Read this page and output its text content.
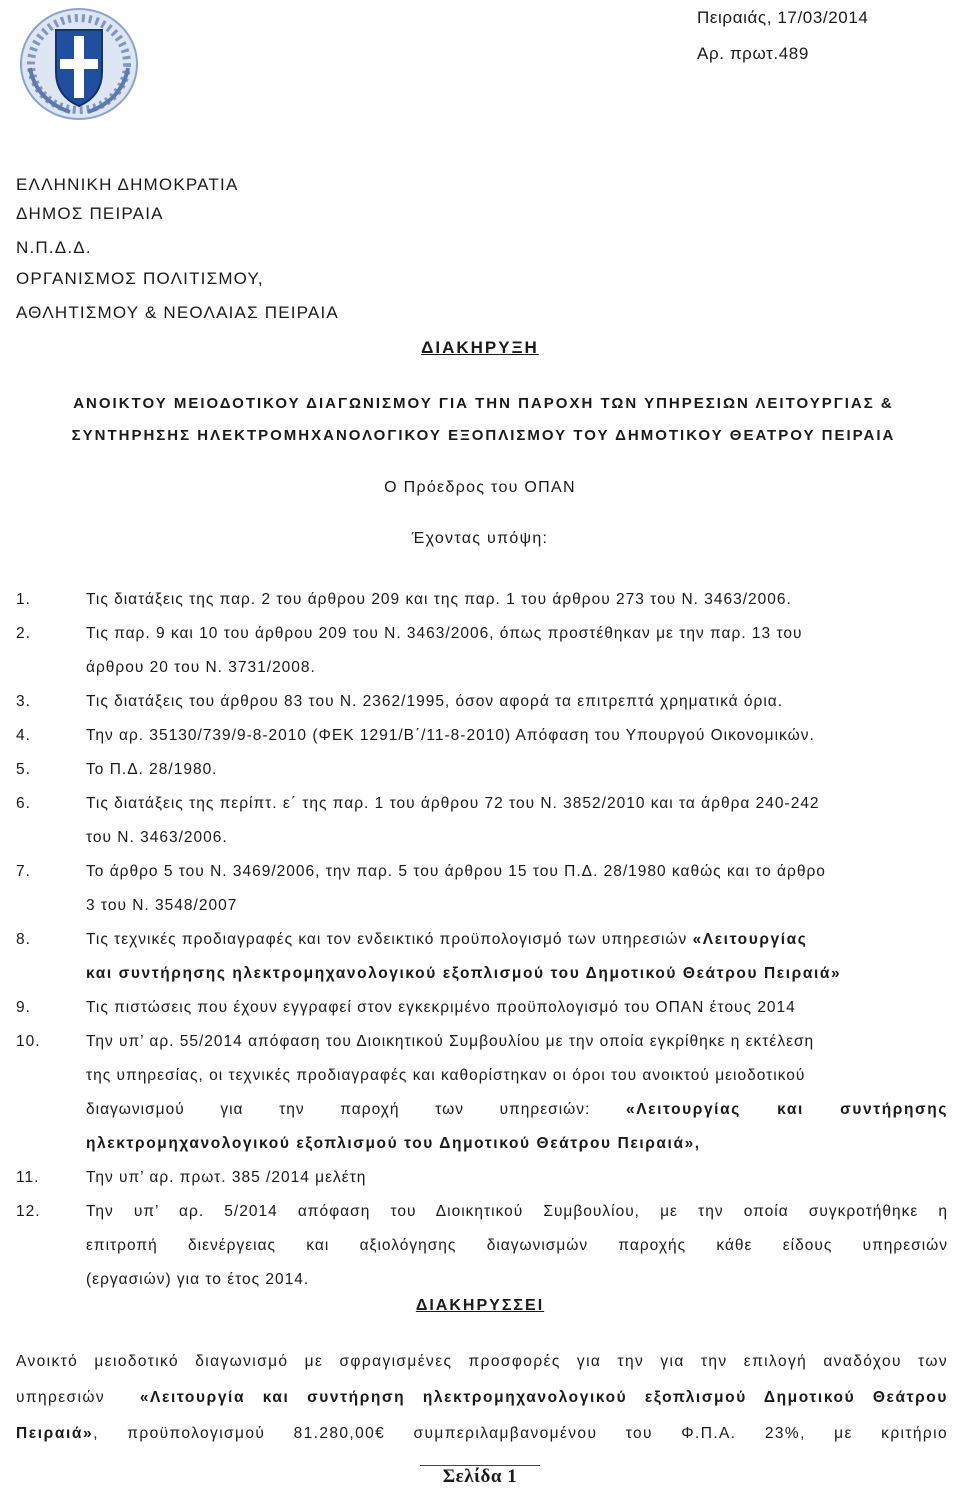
Πειραιάς, 17/03/2014
Αρ. πρωτ.489
ΕΛΛΗΝΙΚΗ ΔΗΜΟΚΡΑΤΙΑ
ΔΗΜΟΣ ΠΕΙΡΑΙΑ
Ν.Π.Δ.Δ.
ΟΡΓΑΝΙΣΜΟΣ ΠΟΛΙΤΙΣΜΟΥ,
ΑΘΛΗΤΙΣΜΟΥ & ΝΕΟΛΑΙΑΣ ΠΕΙΡΑΙΑ
ΔΙΑΚΗΡΥΞΗ
ΑΝΟΙΚΤΟΥ ΜΕΙΟΔΟΤΙΚΟΥ ΔΙΑΓΩΝΙΣΜΟΥ ΓΙΑ ΤΗΝ ΠΑΡΟΧΗ ΤΩΝ ΥΠΗΡΕΣΙΩΝ ΛΕΙΤΟΥΡΓΙΑΣ &
ΣΥΝΤΗΡΗΣΗΣ ΗΛΕΚΤΡΟΜΗΧΑΝΟΛΟΓΙΚΟΥ ΕΞΟΠΛΙΣΜΟΥ ΤΟΥ ΔΗΜΟΤΙΚΟΥ ΘΕΑΤΡΟΥ ΠΕΙΡΑΙΑ
Ο Πρόεδρος του ΟΠΑΝ
Έχοντας υπόψη:
1.	Τις διατάξεις της παρ. 2 του άρθρου 209 και της παρ. 1 του άρθρου 273 του Ν. 3463/2006.
2.	Τις παρ. 9 και 10 του άρθρου 209 του Ν. 3463/2006, όπως προστέθηκαν με την παρ. 13 του
άρθρου 20 του Ν. 3731/2008.
3.	Τις διατάξεις του άρθρου 83 του Ν. 2362/1995, όσον αφορά τα επιτρεπτά χρηματικά όρια.
4.	Την αρ. 35130/739/9-8-2010 (ΦΕΚ 1291/Β΄/11-8-2010) Απόφαση του Υπουργού Οικονομικών.
5.	Το Π.Δ. 28/1980.
6.	Τις διατάξεις της περίπτ. ε΄ της παρ. 1 του άρθρου 72 του Ν. 3852/2010 και τα άρθρα 240-242
του Ν. 3463/2006.
7.	Το άρθρο 5 του Ν. 3469/2006, την παρ. 5 του άρθρου 15 του Π.Δ. 28/1980 καθώς και το άρθρο
3 του Ν. 3548/2007
8.	Τις τεχνικές προδιαγραφές και τον ενδεικτικό προϋπολογισμό των υπηρεσιών «Λειτουργίας
και συντήρησης ηλεκτρομηχανολογικού εξοπλισμού του Δημοτικού Θεάτρου Πειραιά»
9.	Τις πιστώσεις που έχουν εγγραφεί στον εγκεκριμένο προϋπολογισμό του ΟΠΑΝ έτους 2014
10.	Την υπ’ αρ. 55/2014 απόφαση του Διοικητικού Συμβουλίου με την οποία εγκρίθηκε η εκτέλεση
της υπηρεσίας, οι τεχνικές προδιαγραφές και καθορίστηκαν οι όροι του ανοικτού μειοδοτικού
διαγωνισμού για την παροχή των υπηρεσιών: «Λειτουργίας και συντήρησης
ηλεκτρομηχανολογικού εξοπλισμού του Δημοτικού Θεάτρου Πειραιά»,
11.	Την υπ’ αρ. πρωτ. 385 /2014 μελέτη
12.	Την υπ’ αρ. 5/2014 απόφαση του Διοικητικού Συμβουλίου, με την οποία συγκροτήθηκε η
επιτροπή διενέργειας και αξιολόγησης διαγωνισμών παροχής κάθε είδους υπηρεσιών
(εργασιών) για το έτος 2014.
ΔΙΑΚΗΡΥΣΣΕΙ
Ανοικτό μειοδοτικό διαγωνισμό με σφραγισμένες προσφορές για την για την επιλογή αναδόχου των
υπηρεσιών «Λειτουργία και συντήρηση ηλεκτρομηχανολογικού εξοπλισμού Δημοτικού Θεάτρου
Πειραιά», προϋπολογισμού 81.280,00€ συμπεριλαμβανομένου του Φ.Π.Α. 23%, με κριτήριο
Σελίδα 1
